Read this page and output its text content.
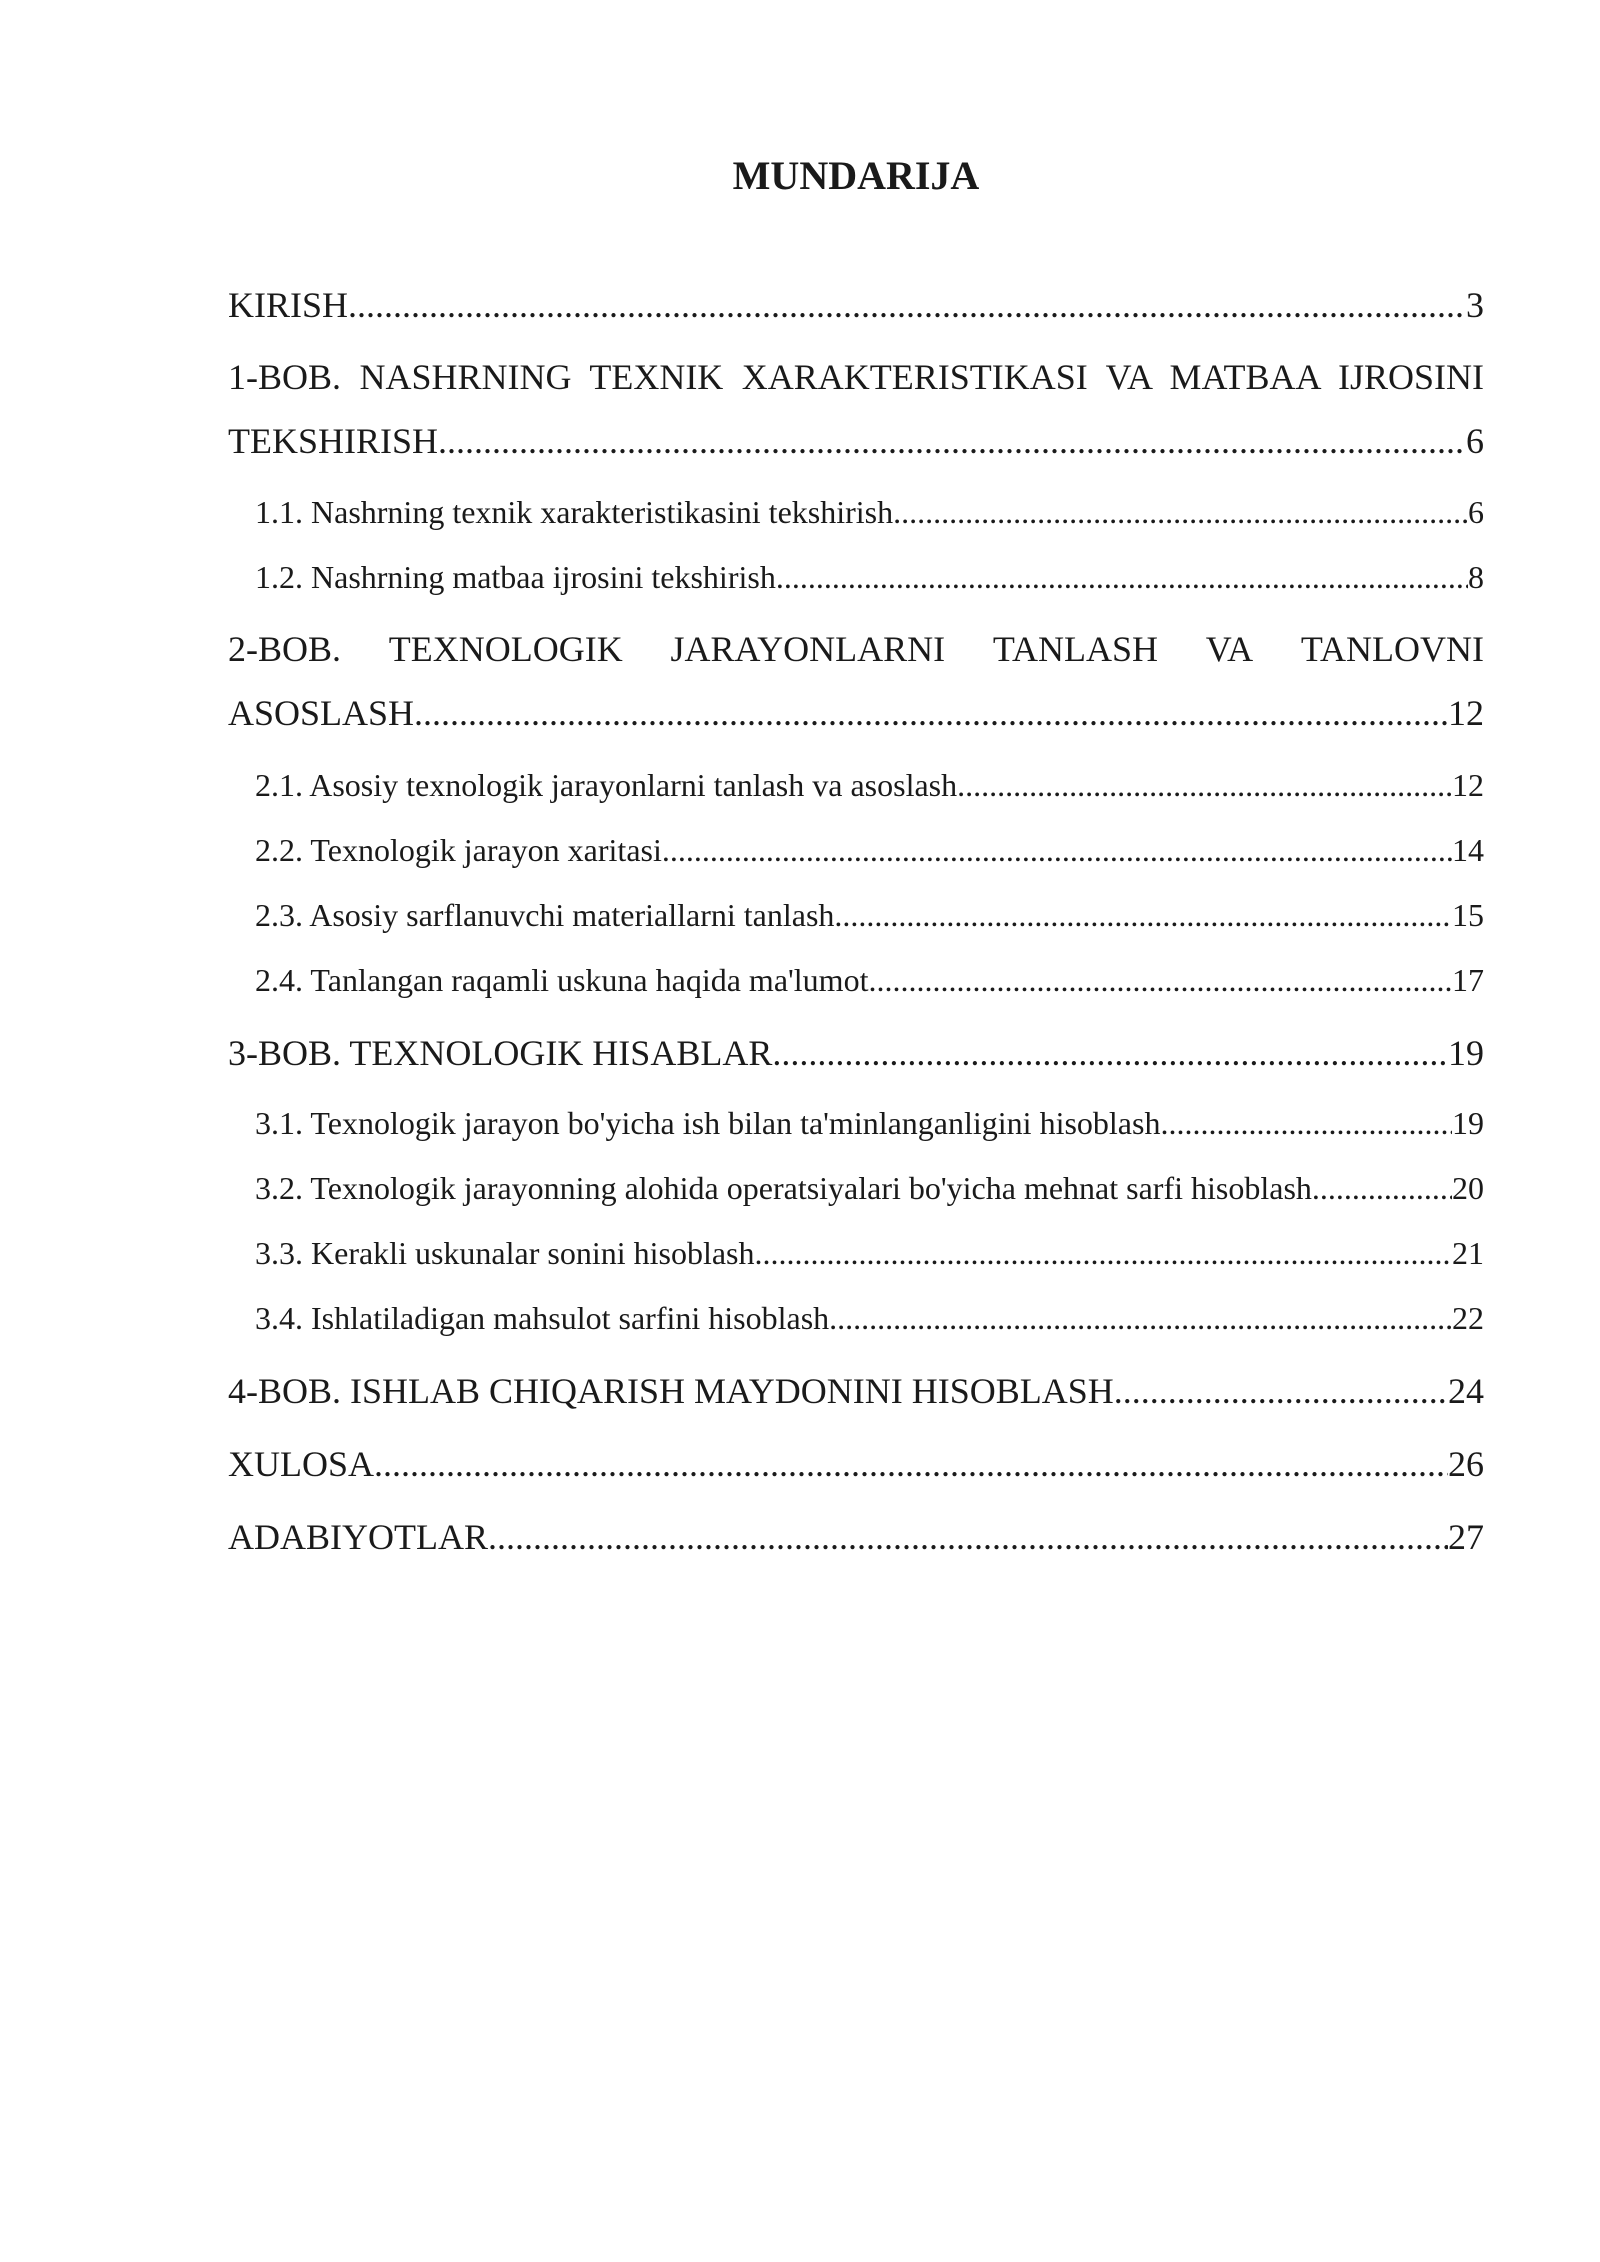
MUNDARIJA
KIRISH .....	3
1-BOB. NASHRNING TEXNIK XARAKTERISTIKASI VA MATBAA IJROSINI
TEKSHIRISH .....	6
1.1. Nashrning texnik xarakteristikasini tekshirish .....	6
1.2. Nashrning matbaa ijrosini tekshirish .....	8
2-BOB. TEXNOLOGIK JARAYONLARNI TANLASH VA TANLOVNI
ASOSLASH .....	12
2.1. Asosiy texnologik jarayonlarni tanlash va asoslash .....	12
2.2. Texnologik jarayon xaritasi .....	14
2.3. Asosiy sarflanuvchi materiallarni tanlash .....	15
2.4. Tanlangan raqamli uskuna haqida ma'lumot .....	17
3-BOB. TEXNOLOGIK HISABLAR .....	19
3.1. Texnologik jarayon bo'yicha ish bilan ta'minlanganligini hisoblash .....	19
3.2. Texnologik jarayonning alohida operatsiyalari bo'yicha mehnat sarfi hisoblash .....	20
3.3. Kerakli uskunalar sonini hisoblash .....	21
3.4. Ishlatiladigan mahsulot sarfini hisoblash .....	22
4-BOB. ISHLAB CHIQARISH MAYDONINI HISOBLASH .....	24
XULOSA .....	26
ADABIYOTLAR .....	27
